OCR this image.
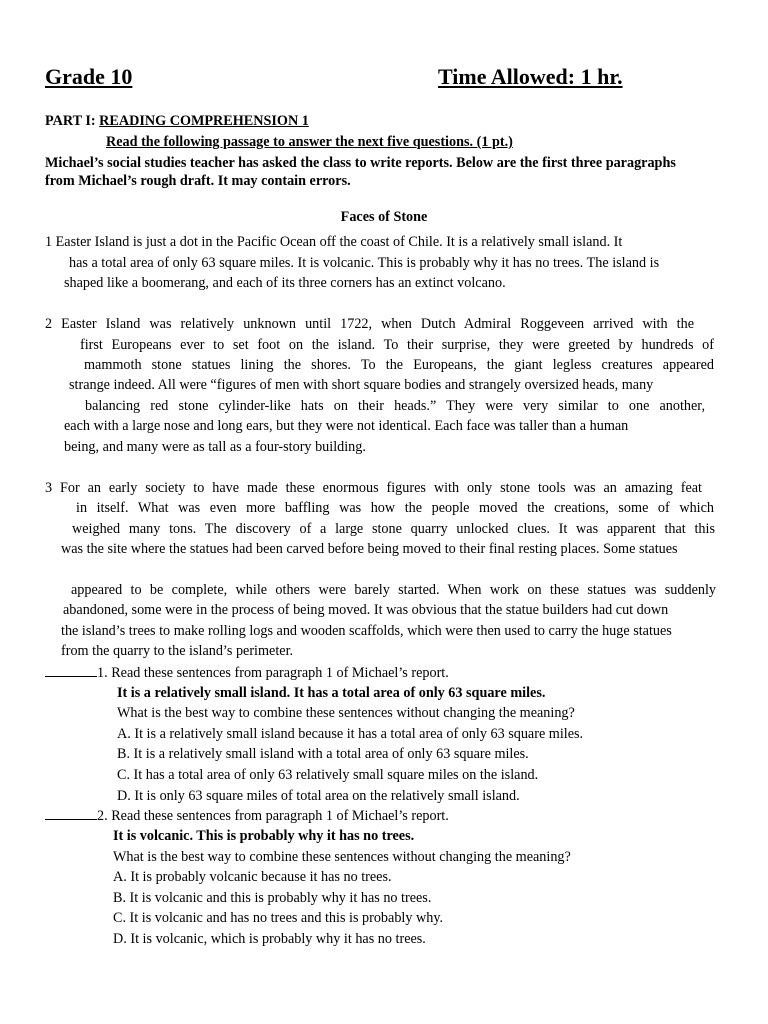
Grade 10	Time Allowed: 1 hr.
PART I: READING COMPREHENSION 1
Read the following passage to answer the next five questions. (1 pt.)
Michael’s social studies teacher has asked the class to write reports. Below are the first three paragraphs
from Michael’s rough draft. It may contain errors.
Faces of Stone
1 Easter Island is just a dot in the Pacific Ocean off the coast of Chile. It is a relatively small island. It
has a total area of only 63 square miles. It is volcanic. This is probably why it has no trees. The island is
shaped like a boomerang, and each of its three corners has an extinct volcano.
2 Easter Island was relatively unknown until 1722, when Dutch Admiral Roggeveen arrived with the
first Europeans ever to set foot on the island. To their surprise, they were greeted by hundreds of
mammoth stone statues lining the shores. To the Europeans, the giant legless creatures appeared
strange indeed. All were “figures of men with short square bodies and strangely oversized heads, many
balancing red stone cylinder-like hats on their heads.” They were very similar to one another,
each with a large nose and long ears, but they were not identical. Each face was taller than a human
being, and many were as tall as a four-story building.
3 For an early society to have made these enormous figures with only stone tools was an amazing feat
in itself. What was even more baffling was how the people moved the creations, some of which
weighed many tons. The discovery of a large stone quarry unlocked clues. It was apparent that this
was the site where the statues had been carved before being moved to their final resting places. Some statues
appeared to be complete, while others were barely started. When work on these statues was suddenly
abandoned, some were in the process of being moved. It was obvious that the statue builders had cut down
the island’s trees to make rolling logs and wooden scaffolds, which were then used to carry the huge statues
from the quarry to the island’s perimeter.
1. Read these sentences from paragraph 1 of Michael’s report.
It is a relatively small island. It has a total area of only 63 square miles.
What is the best way to combine these sentences without changing the meaning?
A. It is a relatively small island because it has a total area of only 63 square miles.
B. It is a relatively small island with a total area of only 63 square miles.
C. It has a total area of only 63 relatively small square miles on the island.
D. It is only 63 square miles of total area on the relatively small island.
2. Read these sentences from paragraph 1 of Michael’s report.
It is volcanic. This is probably why it has no trees.
What is the best way to combine these sentences without changing the meaning?
A. It is probably volcanic because it has no trees.
B. It is volcanic and this is probably why it has no trees.
C. It is volcanic and has no trees and this is probably why.
D. It is volcanic, which is probably why it has no trees.
